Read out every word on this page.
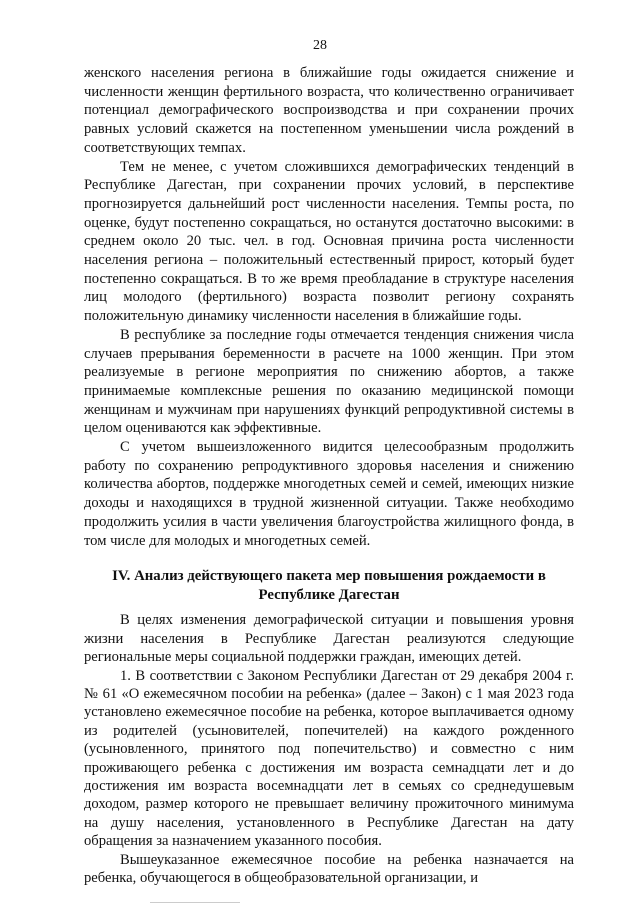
28

женского населения региона в ближайшие годы ожидается снижение и численности женщин фертильного возраста, что количественно ограничивает потенциал демографического воспроизводства и при сохранении прочих равных условий скажется на постепенном уменьшении числа рождений в соответствующих темпах.

Тем не менее, с учетом сложившихся демографических тенденций в Республике Дагестан, при сохранении прочих условий, в перспективе прогнозируется дальнейший рост численности населения. Темпы роста, по оценке, будут постепенно сокращаться, но останутся достаточно высокими: в среднем около 20 тыс. чел. в год. Основная причина роста численности населения региона – положительный естественный прирост, который будет постепенно сокращаться. В то же время преобладание в структуре населения лиц молодого (фертильного) возраста позволит региону сохранять положительную динамику численности населения в ближайшие годы.

В республике за последние годы отмечается тенденция снижения числа случаев прерывания беременности в расчете на 1000 женщин. При этом реализуемые в регионе мероприятия по снижению абортов, а также принимаемые комплексные решения по оказанию медицинской помощи женщинам и мужчинам при нарушениях функций репродуктивной системы в целом оцениваются как эффективные.

С учетом вышеизложенного видится целесообразным продолжить работу по сохранению репродуктивного здоровья населения и снижению количества абортов, поддержке многодетных семей и семей, имеющих низкие доходы и находящихся в трудной жизненной ситуации. Также необходимо продолжить усилия в части увеличения благоустройства жилищного фонда, в том числе для молодых и многодетных семей.

IV. Анализ действующего пакета мер повышения рождаемости в
Республике Дагестан

В целях изменения демографической ситуации и повышения уровня жизни населения в Республике Дагестан реализуются следующие региональные меры социальной поддержки граждан, имеющих детей.

1. В соответствии с Законом Республики Дагестан от 29 декабря 2004 г. № 61 «О ежемесячном пособии на ребенка» (далее – Закон) с 1 мая 2023 года установлено ежемесячное пособие на ребенка, которое выплачивается одному из родителей (усыновителей, попечителей) на каждого рожденного (усыновленного, принятого под попечительство) и совместно с ним проживающего ребенка с достижения им возраста семнадцати лет и до достижения им возраста восемнадцати лет в семьях со среднедушевым доходом, размер которого не превышает величину прожиточного минимума на душу населения, установленного в Республике Дагестан на дату обращения за назначением указанного пособия.

Вышеуказанное ежемесячное пособие на ребенка назначается на ребенка, обучающегося в общеобразовательной организации, и
